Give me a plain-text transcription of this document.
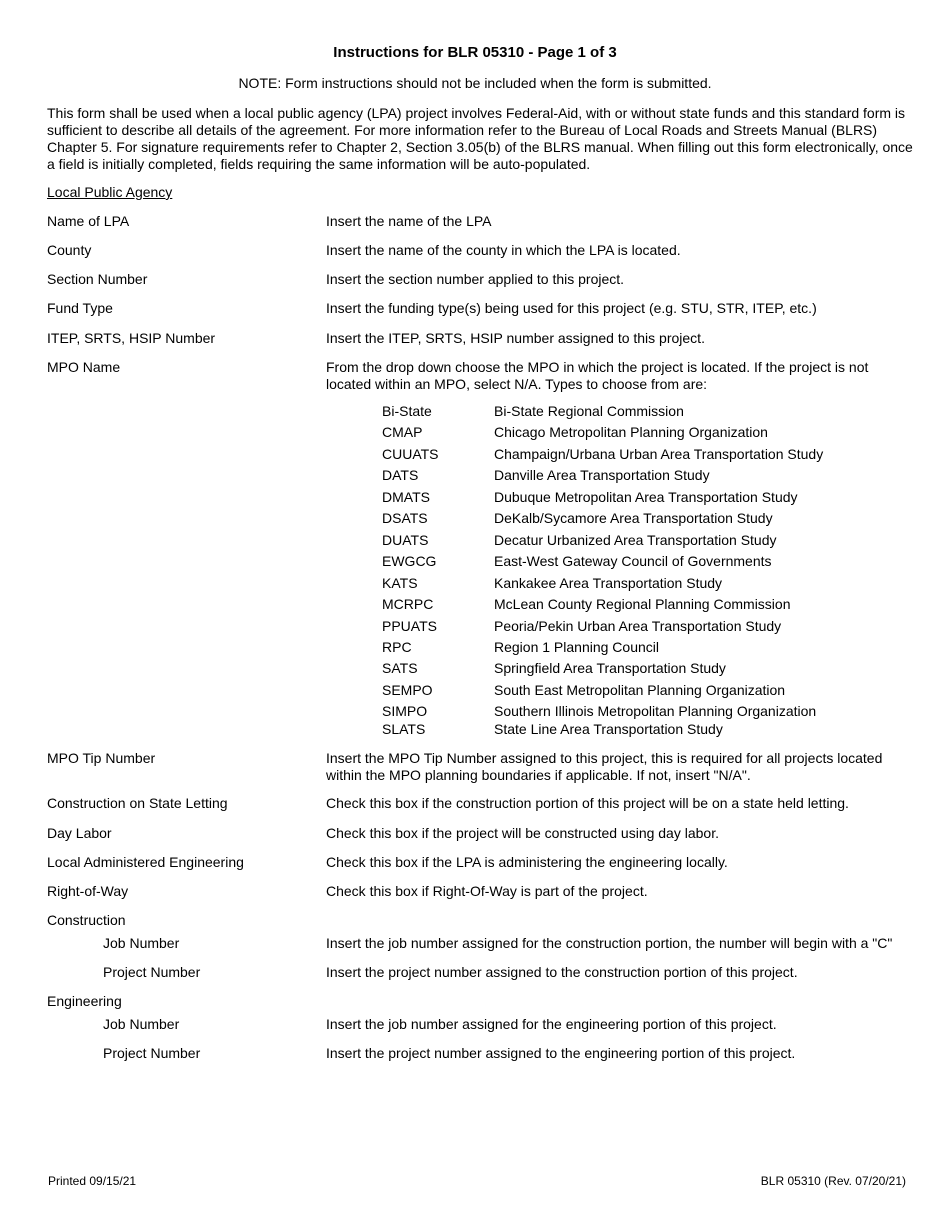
Instructions for BLR 05310 - Page 1 of 3
NOTE: Form instructions should not be included when the form is submitted.
This form shall be used when a local public agency (LPA) project involves Federal-Aid, with or without state funds and this standard form is sufficient to describe all details of the agreement. For more information refer to the Bureau of Local Roads and Streets Manual (BLRS) Chapter 5. For signature requirements refer to Chapter 2, Section 3.05(b) of the BLRS manual. When filling out this form electronically, once a field is initially completed, fields requiring the same information will be auto-populated.
Local Public Agency
Name of LPA	Insert the name of the LPA
County	Insert the name of the county in which the LPA is located.
Section Number	Insert the section number applied to this project.
Fund Type	Insert the funding type(s) being used for this project (e.g. STU, STR, ITEP, etc.)
ITEP, SRTS, HSIP Number	Insert the ITEP, SRTS, HSIP number assigned to this project.
MPO Name	From the drop down choose the MPO in which the project is located. If the project is not located within an MPO, select N/A. Types to choose from are:
Bi-State	Bi-State Regional Commission
CMAP	Chicago Metropolitan Planning Organization
CUUATS	Champaign/Urbana Urban Area Transportation Study
DATS	Danville Area Transportation Study
DMATS	Dubuque Metropolitan Area Transportation Study
DSATS	DeKalb/Sycamore Area Transportation Study
DUATS	Decatur Urbanized Area Transportation Study
EWGCG	East-West Gateway Council of Governments
KATS	Kankakee Area Transportation Study
MCRPC	McLean County Regional Planning Commission
PPUATS	Peoria/Pekin Urban Area Transportation Study
RPC	Region 1 Planning Council
SATS	Springfield Area Transportation Study
SEMPO	South East Metropolitan Planning Organization
SIMPO	Southern Illinois Metropolitan Planning Organization
SLATS	State Line Area Transportation Study
MPO Tip Number	Insert the MPO Tip Number assigned to this project, this is required for all projects located within the MPO planning boundaries if applicable. If not, insert "N/A".
Construction on State Letting	Check this box if the construction portion of this project will be on a state held letting.
Day Labor	Check this box if the project will be constructed using day labor.
Local Administered Engineering	Check this box if the LPA is administering the engineering locally.
Right-of-Way	Check this box if Right-Of-Way is part of the project.
Construction
Job Number	Insert the job number assigned for the construction portion, the number will begin with a "C"
Project Number	Insert the project number assigned to the construction portion of this project.
Engineering
Job Number	Insert the job number assigned for the engineering portion of this project.
Project Number	Insert the project number assigned to the engineering portion of this project.
Printed 09/15/21	BLR 05310 (Rev. 07/20/21)
